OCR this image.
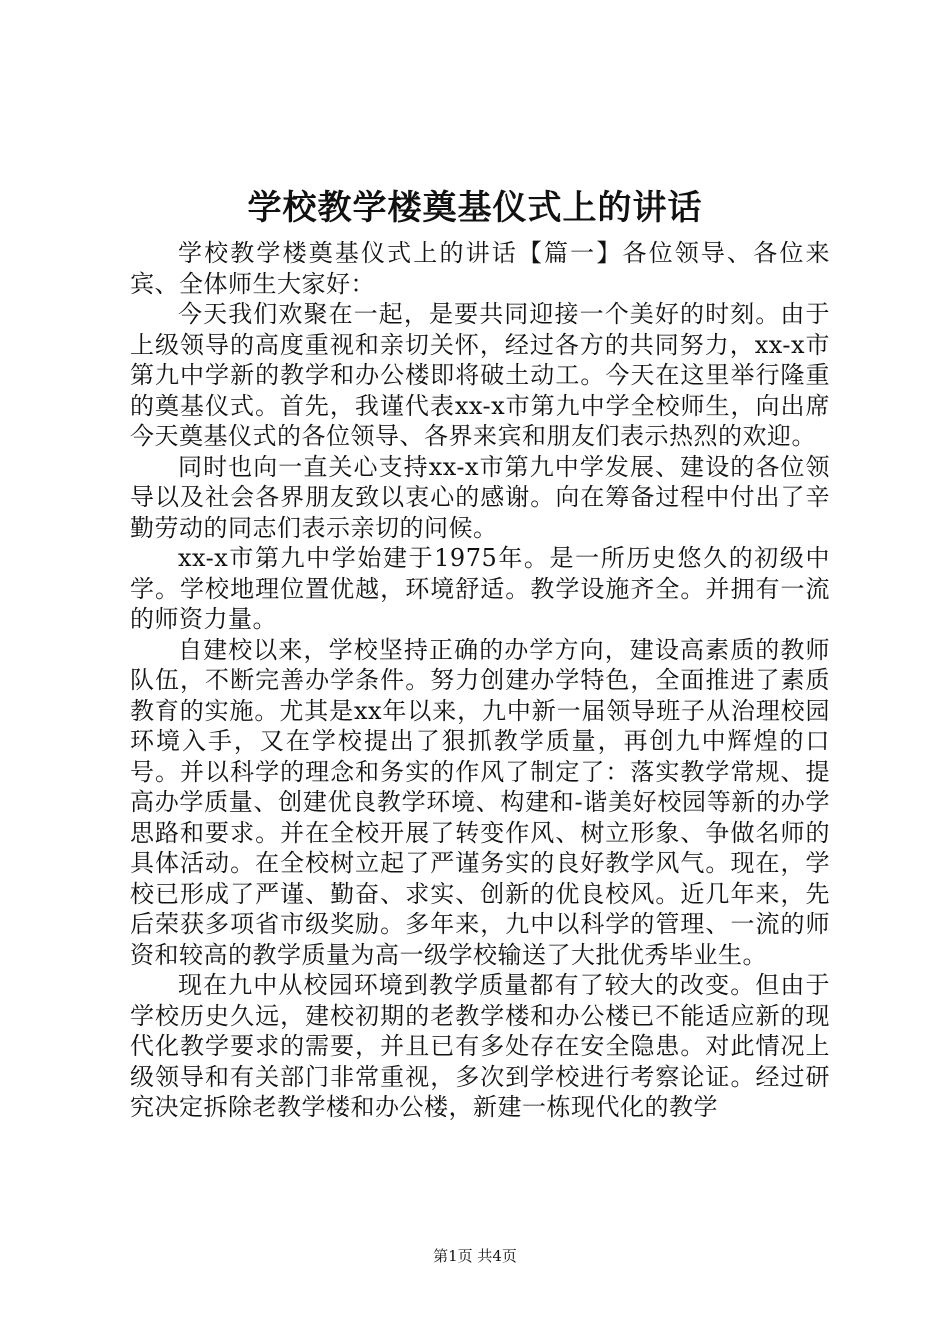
学校教学楼奠基仪式上的讲话

学校教学楼奠基仪式上的讲话【篇一】各位领导、各位来宾、全体师生大家好：

今天我们欢聚在一起，是要共同迎接一个美好的时刻。由于上级领导的高度重视和亲切关怀，经过各方的共同努力，xx-x市第九中学新的教学和办公楼即将破土动工。今天在这里举行隆重的奠基仪式。首先，我谨代表xx-x市第九中学全校师生，向出席今天奠基仪式的各位领导、各界来宾和朋友们表示热烈的欢迎。

同时也向一直关心支持xx-x市第九中学发展、建设的各位领导以及社会各界朋友致以衷心的感谢。向在筹备过程中付出了辛勤劳动的同志们表示亲切的问候。

xx-x市第九中学始建于1975年。是一所历史悠久的初级中学。学校地理位置优越，环境舒适。教学设施齐全。并拥有一流的师资力量。

自建校以来，学校坚持正确的办学方向，建设高素质的教师队伍，不断完善办学条件。努力创建办学特色，全面推进了素质教育的实施。尤其是xx年以来，九中新一届领导班子从治理校园环境入手，又在学校提出了狠抓教学质量，再创九中辉煌的口号。并以科学的理念和务实的作风了制定了：落实教学常规、提高办学质量、创建优良教学环境、构建和-谐美好校园等新的办学思路和要求。并在全校开展了转变作风、树立形象、争做名师的具体活动。在全校树立起了严谨务实的良好教学风气。现在，学校已形成了严谨、勤奋、求实、创新的优良校风。近几年来，先后荣获多项省市级奖励。多年来，九中以科学的管理、一流的师资和较高的教学质量为高一级学校输送了大批优秀毕业生。

现在九中从校园环境到教学质量都有了较大的改变。但由于学校历史久远，建校初期的老教学楼和办公楼已不能适应新的现代化教学要求的需要，并且已有多处存在安全隐患。对此情况上级领导和有关部门非常重视，多次到学校进行考察论证。经过研究决定拆除老教学楼和办公楼，新建一栋现代化的教学

第1页 共4页
